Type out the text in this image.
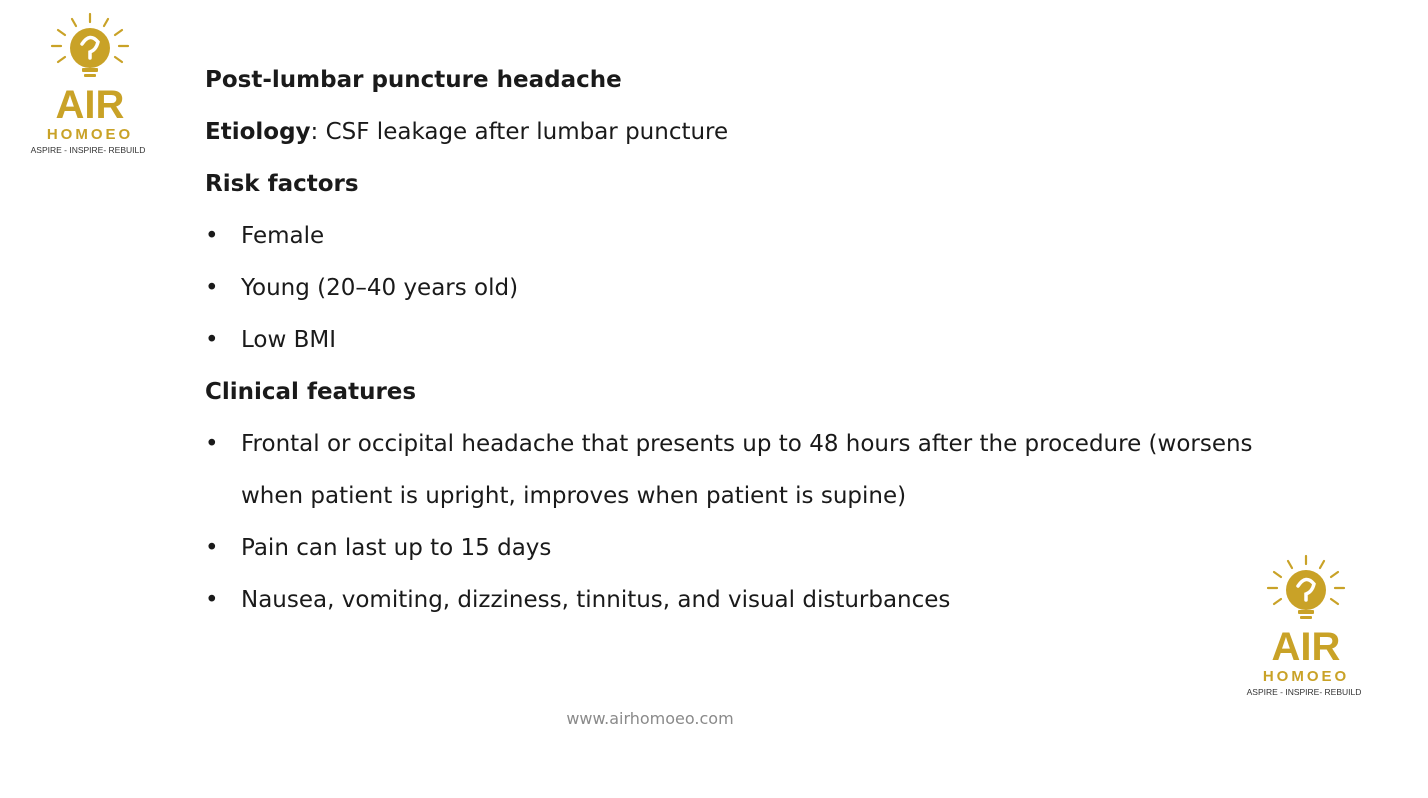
AIR
HOMOEO
ASPIRE - INSPIRE- REBUILD
Post-lumbar puncture headache
Etiology: CSF leakage after lumbar puncture
Risk factors
• Female
• Young (20–40 years old)
• Low BMI
Clinical features
• Frontal or occipital headache that presents up to 48 hours after the procedure (worsens when patient is upright, improves when patient is supine)
• Pain can last up to 15 days
• Nausea, vomiting, dizziness, tinnitus, and visual disturbances
AIR
HOMOEO
ASPIRE - INSPIRE- REBUILD
www.airhomoeo.com
